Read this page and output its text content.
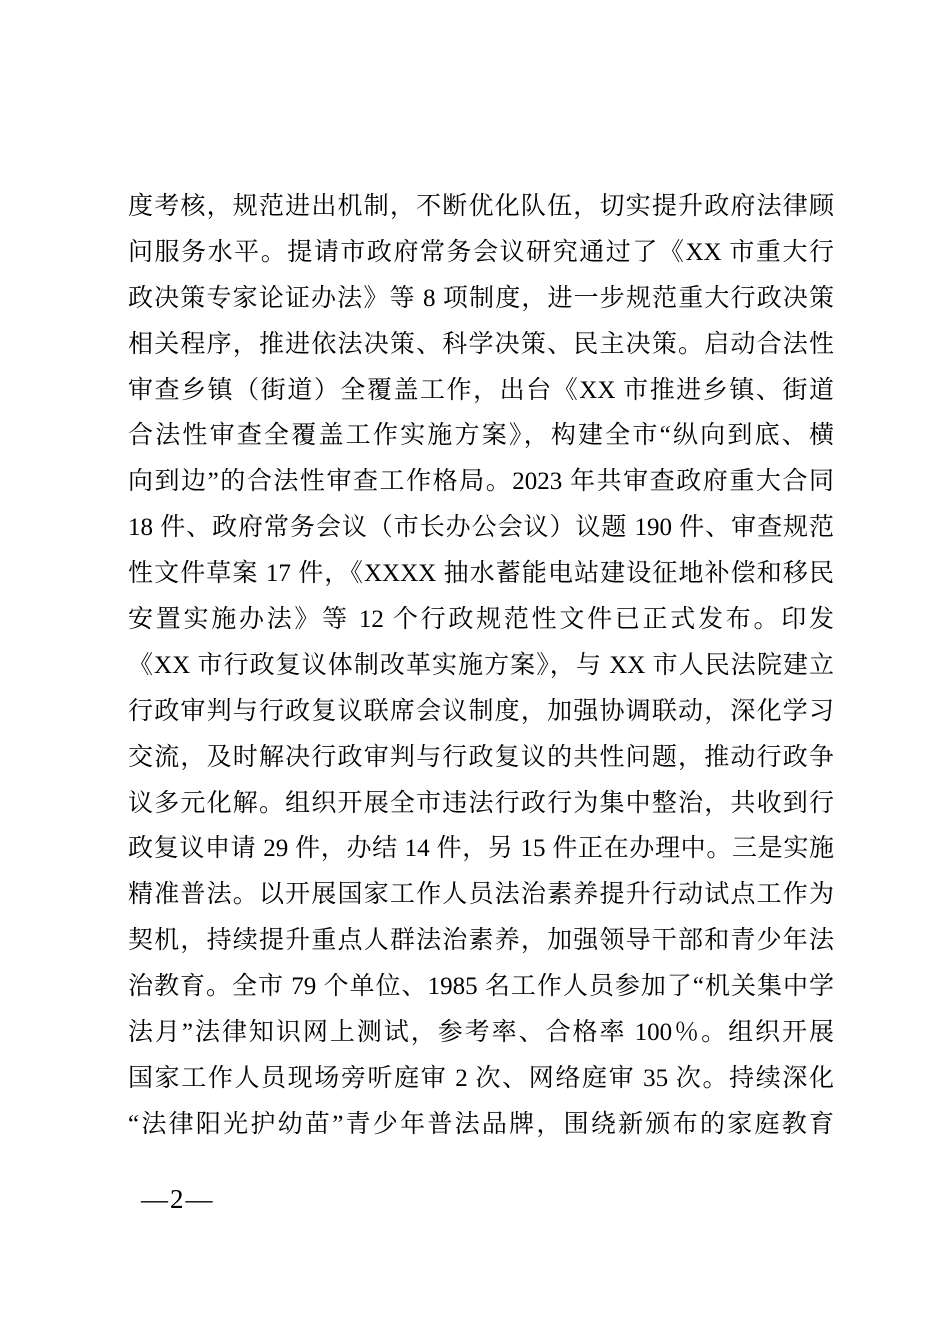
度考核，规范进出机制，不断优化队伍，切实提升政府法律顾
问服务水平。提请市政府常务会议研究通过了《XX 市重大行
政决策专家论证办法》等 8 项制度，进一步规范重大行政决策
相关程序，推进依法决策、科学决策、民主决策。启动合法性
审查乡镇（街道）全覆盖工作，出台《XX 市推进乡镇、街道
合法性审查全覆盖工作实施方案》，构建全市“纵向到底、横
向到边”的合法性审查工作格局。2023 年共审查政府重大合同
18 件、政府常务会议（市长办公会议）议题 190 件、审查规范
性文件草案 17 件，《XXXX 抽水蓄能电站建设征地补偿和移民
安置实施办法》等 12 个行政规范性文件已正式发布。印发
《XX 市行政复议体制改革实施方案》，与 XX 市人民法院建立
行政审判与行政复议联席会议制度，加强协调联动，深化学习
交流，及时解决行政审判与行政复议的共性问题，推动行政争
议多元化解。组织开展全市违法行政行为集中整治，共收到行
政复议申请 29 件，办结 14 件，另 15 件正在办理中。三是实施
精准普法。以开展国家工作人员法治素养提升行动试点工作为
契机，持续提升重点人群法治素养，加强领导干部和青少年法
治教育。全市 79 个单位、1985 名工作人员参加了“机关集中学
法月”法律知识网上测试，参考率、合格率 100％。组织开展
国家工作人员现场旁听庭审 2 次、网络庭审 35 次。持续深化
“法律阳光护幼苗”青少年普法品牌，围绕新颁布的家庭教育
—2—
